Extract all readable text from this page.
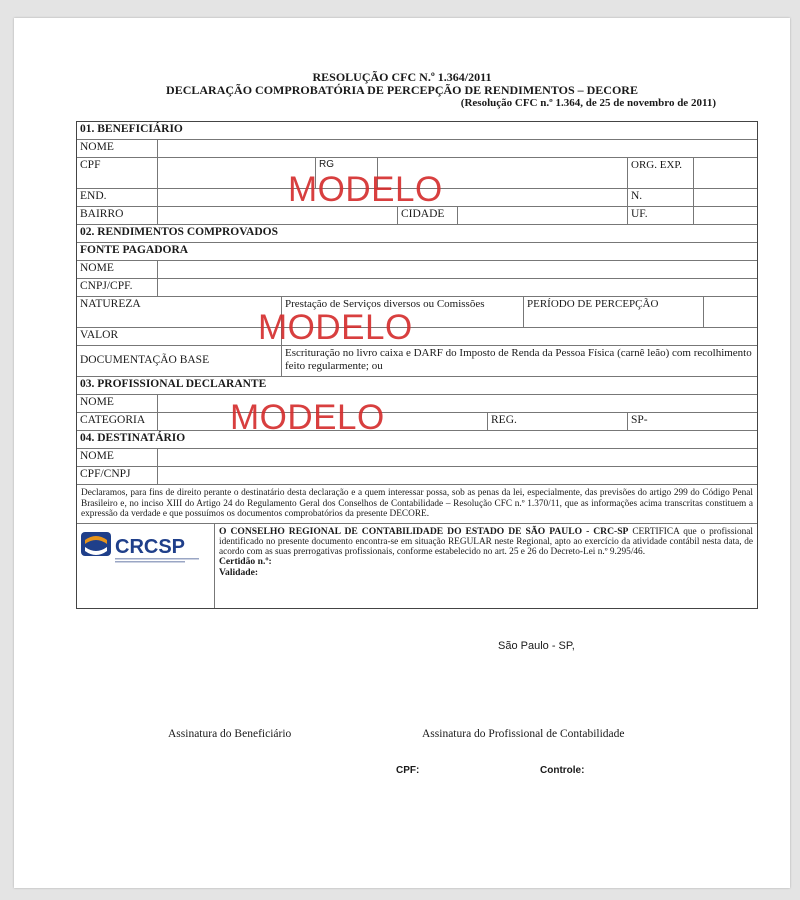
RESOLUÇÃO CFC N.º 1.364/2011
DECLARAÇÃO COMPROBATÓRIA DE PERCEPÇÃO DE RENDIMENTOS – DECORE
(Resolução CFC n.º 1.364, de 25 de novembro de 2011)
01. BENEFICIÁRIO
NOME
CPF	RG	ORG. EXP.
END.	N.
BAIRRO	CIDADE	UF.
02. RENDIMENTOS COMPROVADOS
FONTE PAGADORA
NOME
CNPJ/CPF.
NATUREZA	Prestação de Serviços diversos ou Comissões	PERÍODO DE PERCEPÇÃO
VALOR
DOCUMENTAÇÃO BASE
Escrituração no livro caixa e DARF do Imposto de Renda da Pessoa Física (carnê leão) com recolhimento feito regularmente; ou
03. PROFISSIONAL DECLARANTE
NOME
CATEGORIA	REG.	SP-
04. DESTINATÁRIO
NOME
CPF/CNPJ
Declaramos, para fins de direito perante o destinatário desta declaração e a quem interessar possa, sob as penas da lei, especialmente, das previsões do artigo 299 do Código Penal Brasileiro e, no inciso XIII do Artigo 24 do Regulamento Geral dos Conselhos de Contabilidade – Resolução CFC n.º 1.370/11, que as informações acima transcritas constituem a expressão da verdade e que possuímos os documentos comprobatórios da presente DECORE.
CRCSP
O CONSELHO REGIONAL DE CONTABILIDADE DO ESTADO DE SÃO PAULO - CRC-SP CERTIFICA que o profissional identificado no presente documento encontra-se em situação REGULAR neste Regional, apto ao exercício da atividade contábil nesta data, de acordo com as suas prerrogativas profissionais, conforme estabelecido no art. 25 e 26 do Decreto-Lei n.º 9.295/46.
Certidão n.º:
Validade:
MODELO
MODELO
MODELO
São Paulo - SP,
Assinatura do Beneficiário	Assinatura do Profissional de Contabilidade
CPF:	Controle:
